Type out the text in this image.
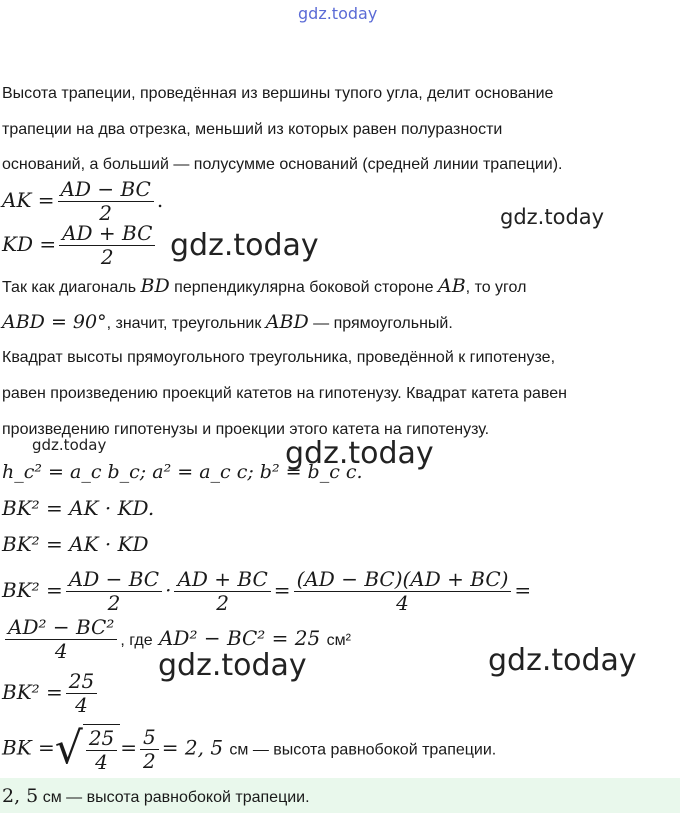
gdz.today
Высота трапеции, проведённая из вершины тупого угла, делит основание
трапеции на два отрезка, меньший из которых равен полуразности
оснований, а больший — полусумме оснований (средней линии трапеции).
AK = $\frac{AD - BC}{2}$ .
KD = $\frac{AD + BC}{2}$
gdz.today
gdz.today
Так как диагональ BD перпендикулярна боковой стороне AB, то угол
ABD = 90°, значит, треугольник ABD — прямоугольный.
Квадрат высоты прямоугольного треугольника, проведённой к гипотенузе,
равен произведению проекций катетов на гипотенузу. Квадрат катета равен
произведению гипотенузы и проекции этого катета на гипотенузу.
gdz.today	gdz.today
h_c² = a_c b_c; a² = a_c c; b² = b_c c.
BK² = AK · KD.
BK² = AK · KD
$BK^2 = \frac{AD - BC}{2} \cdot \frac{AD + BC}{2} = \frac{(AD - BC)(AD + BC)}{4}$ =
$\frac{\text{AD² − BC²}}{4}$ , где AD² − BC² = 25 см²
gdz.today	gdz.today
$BK^2 = \frac{25}{4}$
BK =√ $\frac{25}{4} = \frac{5}{2} = 2$, 5 см — высота равнобокой трапеции.
2, 5 см — высота равнобокой трапеции.
